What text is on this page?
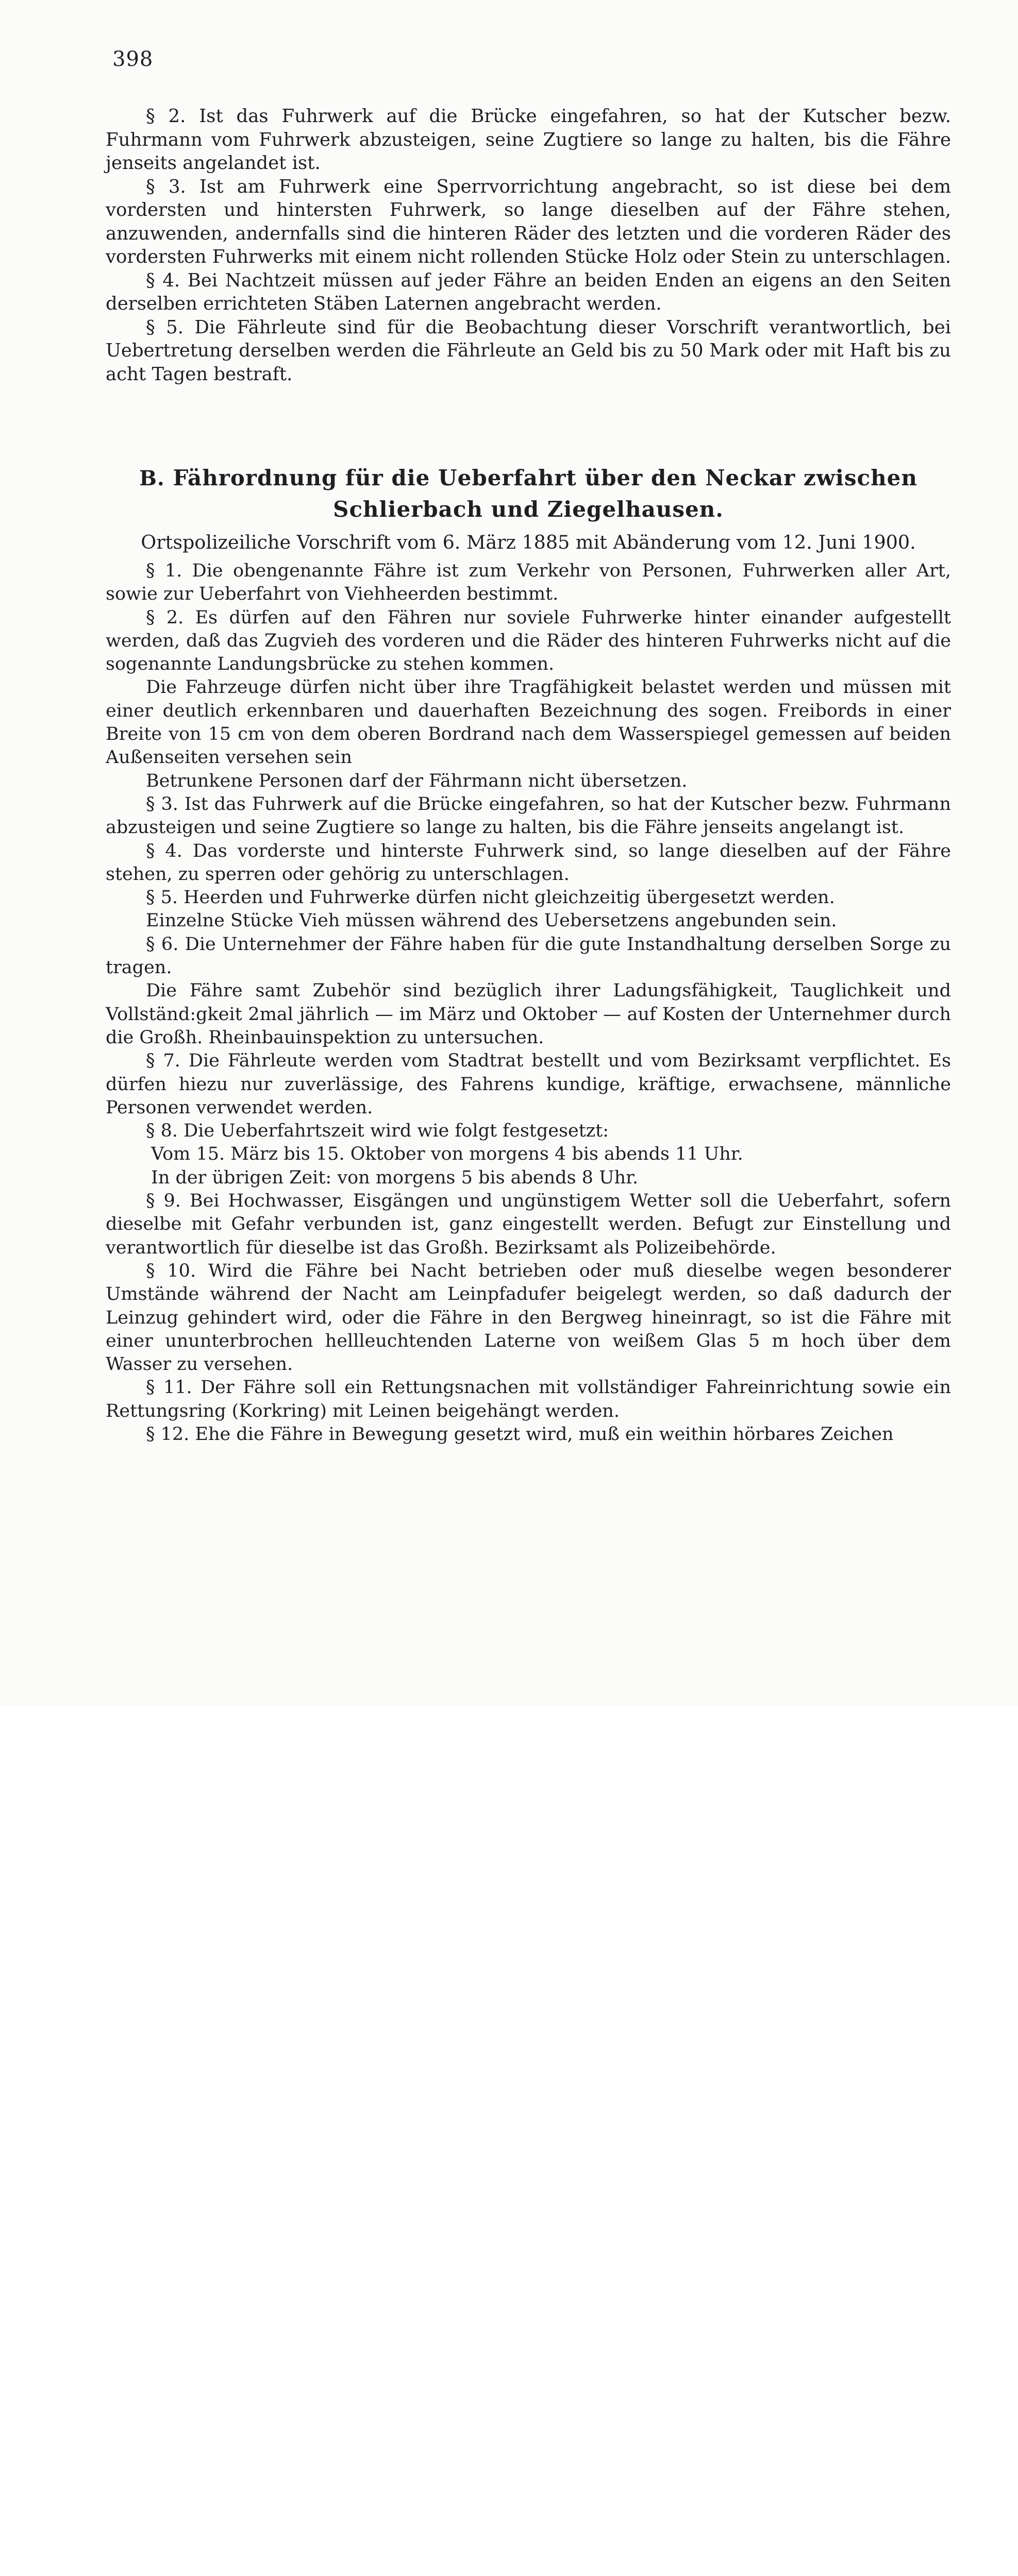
398

§ 2. Ist das Fuhrwerk auf die Brücke eingefahren, so hat der Kutscher bezw. Fuhrmann vom Fuhrwerk abzusteigen, seine Zugtiere so lange zu halten, bis die Fähre jenseits angelandet ist.

§ 3. Ist am Fuhrwerk eine Sperrvorrichtung angebracht, so ist diese bei dem vordersten und hintersten Fuhrwerk, so lange dieselben auf der Fähre stehen, anzuwenden, andernfalls sind die hinteren Räder des letzten und die vorderen Räder des vordersten Fuhrwerks mit einem nicht rollenden Stücke Holz oder Stein zu unterschlagen.

§ 4. Bei Nachtzeit müssen auf jeder Fähre an beiden Enden an eigens an den Seiten derselben errichteten Stäben Laternen angebracht werden.

§ 5. Die Fährleute sind für die Beobachtung dieser Vorschrift verantwortlich, bei Uebertretung derselben werden die Fährleute an Geld bis zu 50 Mark oder mit Haft bis zu acht Tagen bestraft.

B. Fährordnung für die Ueberfahrt über den Neckar zwischen
Schlierbach und Ziegelhausen.
Ortspolizeiliche Vorschrift vom 6. März 1885 mit Abänderung vom 12. Juni 1900.

§ 1. Die obengenannte Fähre ist zum Verkehr von Personen, Fuhrwerken aller Art, sowie zur Ueberfahrt von Viehheerden bestimmt.

§ 2. Es dürfen auf den Fähren nur soviele Fuhrwerke hinter einander aufgestellt werden, daß das Zugvieh des vorderen und die Räder des hinteren Fuhrwerks nicht auf die sogenannte Landungsbrücke zu stehen kommen.

Die Fahrzeuge dürfen nicht über ihre Tragfähigkeit belastet werden und müssen mit einer deutlich erkennbaren und dauerhaften Bezeichnung des sogen. Freibords in einer Breite von 15 cm von dem oberen Bordrand nach dem Wasserspiegel gemessen auf beiden Außenseiten versehen sein

Betrunkene Personen darf der Fährmann nicht übersetzen.

§ 3. Ist das Fuhrwerk auf die Brücke eingefahren, so hat der Kutscher bezw. Fuhrmann abzusteigen und seine Zugtiere so lange zu halten, bis die Fähre jenseits angelangt ist.

§ 4. Das vorderste und hinterste Fuhrwerk sind, so lange dieselben auf der Fähre stehen, zu sperren oder gehörig zu unterschlagen.

§ 5. Heerden und Fuhrwerke dürfen nicht gleichzeitig übergesetzt werden.

Einzelne Stücke Vieh müssen während des Uebersetzens angebunden sein.

§ 6. Die Unternehmer der Fähre haben für die gute Instandhaltung derselben Sorge zu tragen.

Die Fähre samt Zubehör sind bezüglich ihrer Ladungsfähigkeit, Tauglichkeit und Vollständ:gkeit 2mal jährlich — im März und Oktober — auf Kosten der Unternehmer durch die Großh. Rheinbauinspektion zu untersuchen.

§ 7. Die Fährleute werden vom Stadtrat bestellt und vom Bezirksamt verpflichtet. Es dürfen hiezu nur zuverlässige, des Fahrens kundige, kräftige, erwachsene, männliche Personen verwendet werden.

§ 8. Die Ueberfahrtszeit wird wie folgt festgesetzt:

Vom 15. März bis 15. Oktober von morgens 4 bis abends 11 Uhr.

In der übrigen Zeit: von morgens 5 bis abends 8 Uhr.

§ 9. Bei Hochwasser, Eisgängen und ungünstigem Wetter soll die Ueberfahrt, sofern dieselbe mit Gefahr verbunden ist, ganz eingestellt werden. Befugt zur Einstellung und verantwortlich für dieselbe ist das Großh. Bezirksamt als Polizeibehörde.

§ 10. Wird die Fähre bei Nacht betrieben oder muß dieselbe wegen besonderer Umstände während der Nacht am Leinpfadufer beigelegt werden, so daß dadurch der Leinzug gehindert wird, oder die Fähre in den Bergweg hineinragt, so ist die Fähre mit einer ununterbrochen hellleuchtenden Laterne von weißem Glas 5 m hoch über dem Wasser zu versehen.

§ 11. Der Fähre soll ein Rettungsnachen mit vollständiger Fahreinrichtung sowie ein Rettungsring (Korkring) mit Leinen beigehängt werden.

§ 12. Ehe die Fähre in Bewegung gesetzt wird, muß ein weithin hörbares Zeichen
